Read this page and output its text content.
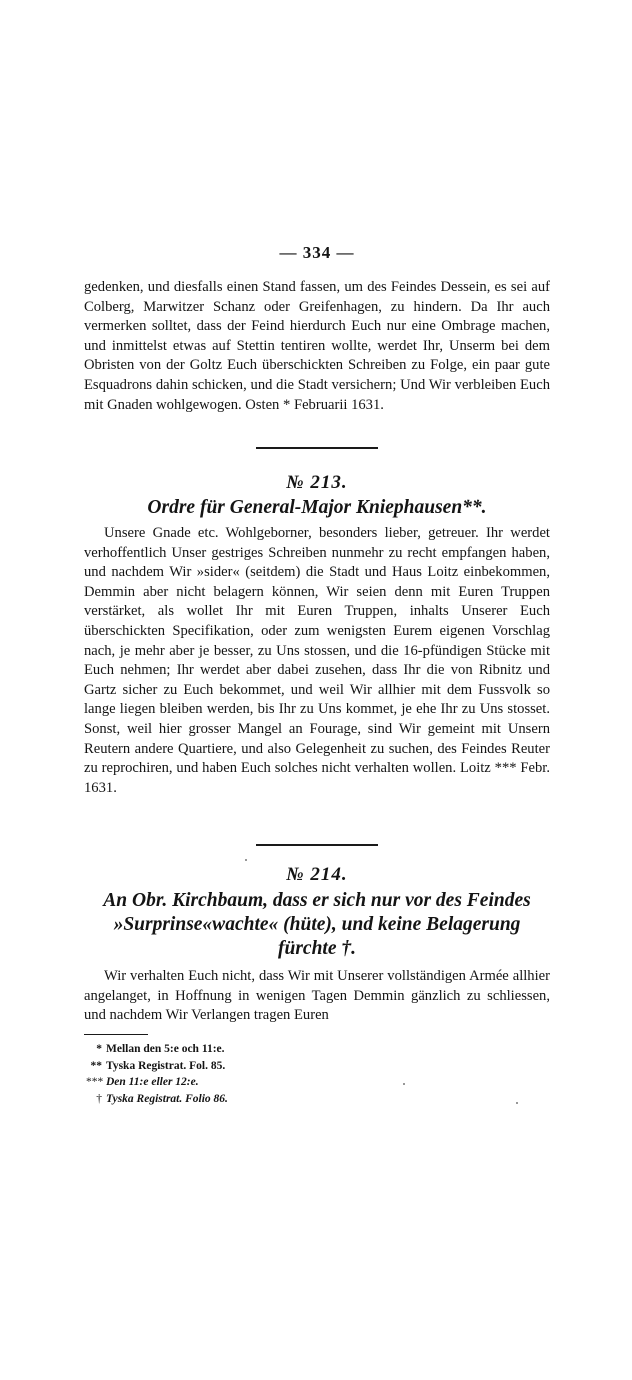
— 334 —
gedenken, und diesfalls einen Stand fassen, um des Feindes Dessein, es sei auf Colberg, Marwitzer Schanz oder Greifenhagen, zu hindern. Da Ihr auch vermerken solltet, dass der Feind hierdurch Euch nur eine Ombrage machen, und inmittelst etwas auf Stettin tentiren wollte, werdet Ihr, Unserm bei dem Obristen von der Goltz Euch überschickten Schreiben zu Folge, ein paar gute Esquadrons dahin schicken, und die Stadt versichern; Und Wir verbleiben Euch mit Gnaden wohlgewogen. Osten * Februarii 1631.
№ 213.
Ordre für General-Major Kniephausen**.
Unsere Gnade etc. Wohlgeborner, besonders lieber, getreuer. Ihr werdet verhoffentlich Unser gestriges Schreiben nunmehr zu recht empfangen haben, und nachdem Wir »sider« (seitdem) die Stadt und Haus Loitz einbekommen, Demmin aber nicht belagern können, Wir seien denn mit Euren Truppen verstärket, als wollet Ihr mit Euren Truppen, inhalts Unserer Euch überschickten Specifikation, oder zum wenigsten Eurem eigenen Vorschlag nach, je mehr aber je besser, zu Uns stossen, und die 16-pfündigen Stücke mit Euch nehmen; Ihr werdet aber dabei zusehen, dass Ihr die von Ribnitz und Gartz sicher zu Euch bekommet, und weil Wir allhier mit dem Fussvolk so lange liegen bleiben werden, bis Ihr zu Uns kommet, je ehe Ihr zu Uns stosset. Sonst, weil hier grosser Mangel an Fourage, sind Wir gemeint mit Unsern Reutern andere Quartiere, und also Gelegenheit zu suchen, des Feindes Reuter zu reprochiren, und haben Euch solches nicht verhalten wollen. Loitz *** Febr. 1631.
№ 214.
An Obr. Kirchbaum, dass er sich nur vor des Feindes »Surprinse«wachte« (hüte), und keine Belagerung fürchte †.
Wir verhalten Euch nicht, dass Wir mit Unserer vollständigen Armée allhier angelanget, in Hoffnung in wenigen Tagen Demmin gänzlich zu schliessen, und nachdem Wir Verlangen tragen Euren
* Mellan den 5:e och 11:e.
** Tyska Registrat. Fol. 85.
*** Den 11:e eller 12:e.
† Tyska Registrat. Folio 86.
